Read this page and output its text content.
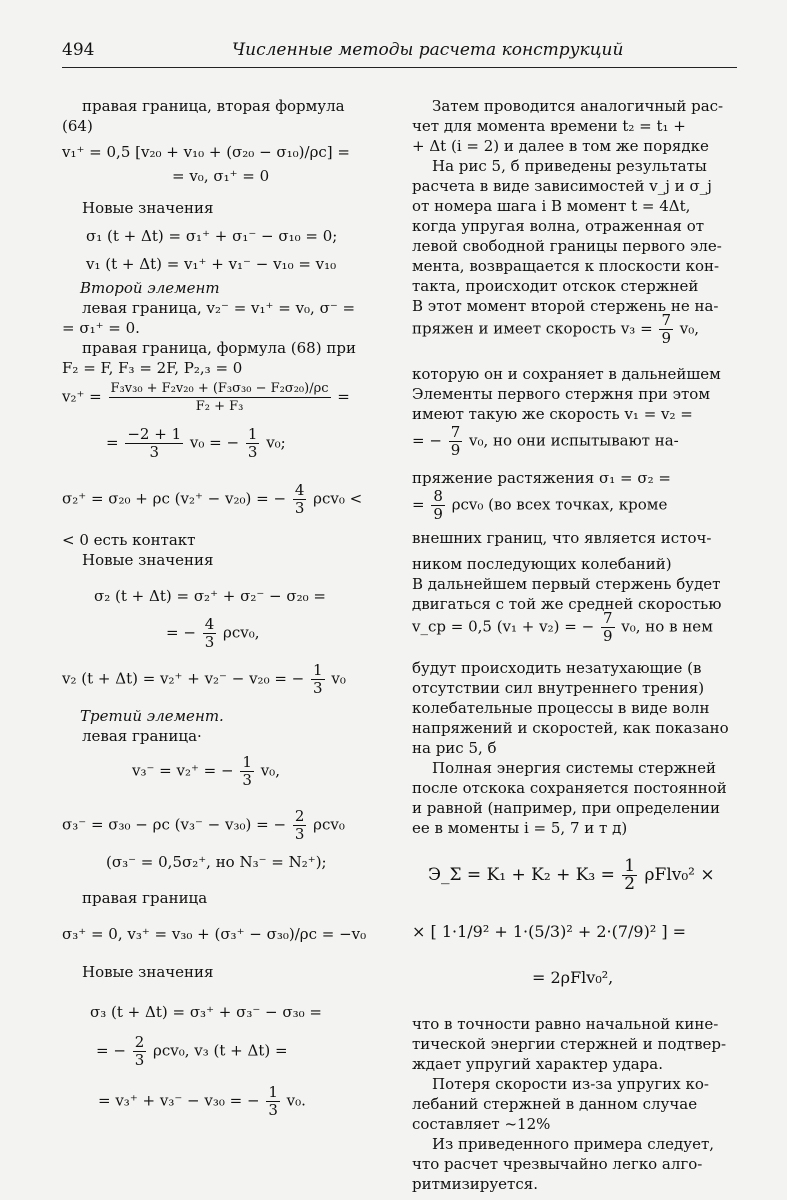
494	Численные методы расчета конструкций
правая граница, вторая формула
(64)
v₁⁺ = 0,5 [v₂₀ + v₁₀ + (σ₂₀ − σ₁₀)/ρc] =
= v₀, σ₁⁺ = 0
Новые значения
σ₁ (t + Δt) = σ₁⁺ + σ₁⁻ − σ₁₀ = 0;
v₁ (t + Δt) = v₁⁺ + v₁⁻ − v₁₀ = v₁₀
Второй элемент
левая граница, v₂⁻ = v₁⁺ = v₀, σ⁻ =
= σ₁⁺ = 0.
правая граница, формула (68) при
F₂ = F, F₃ = 2F, P₂,₃ = 0
$v_2^+ = \frac{\text{F₃v₃₀ + F₂v₂₀ + (F₃σ₃₀ − F₂σ₂₀)/ρc}}{\text{F₂ + F₃}}$ =
= $\frac{-2 + 1}{3} v_0$ = − $\frac{1}{3} v_0$;
σ₂⁺ = σ₂₀ + ρc (v₂⁺ − v₂₀) = − $\frac{4}{3} \rho cv_0$ <
< 0 есть контакт
Новые значения
σ₂ (t + Δt) = σ₂⁺ + σ₂⁻ − σ₂₀ =
= − $\frac{4}{3} \rho cv_0$,
v₂ (t + Δt) = v₂⁺ + v₂⁻ − v₂₀ = − $\frac{1}{3} v_0$
Третий элемент.
левая граница·
v₃⁻ = v₂⁺ = − $\frac{1}{3} v_0$,
σ₃⁻ = σ₃₀ − ρc (v₃⁻ − v₃₀) = − $\frac{2}{3} \rho cv_0$
(σ₃⁻ = 0,5σ₂⁺, но N₃⁻ = N₂⁺);
правая граница
σ₃⁺ = 0, v₃⁺ = v₃₀ + (σ₃⁺ − σ₃₀)/ρc = −v₀
Новые значения
σ₃ (t + Δt) = σ₃⁺ + σ₃⁻ − σ₃₀ =
= − $\frac{2}{3} \rho cv_0$, v₃ (t + Δt) =
= v₃⁺ + v₃⁻ − v₃₀ = − $\frac{1}{3} v_0$.
Затем проводится аналогичный рас-
чет для момента времени t₂ = t₁ +
+ Δt (i = 2) и далее в том же порядке
На рис 5, б приведены результаты
расчета в виде зависимостей v_j и σ_j
от номера шага i В момент t = 4Δt,
когда упругая волна, отраженная от
левой свободной границы первого эле-
мента, возвращается к плоскости кон-
такта, происходит отскок стержней
В этот момент второй стержень не на-
пряжен и имеет скорость $v_3 = \frac{7}{9} v_0$,
которую он и сохраняет в дальнейшем
Элементы первого стержня при этом
имеют такую же скорость v₁ = v₂ =
= − $\frac{7}{9} v_0$, но они испытывают на-
пряжение растяжения σ₁ = σ₂ =
= $\frac{8}{9} \rho cv_0$ (во всех точках, кроме
внешних границ, что является источ-
ником последующих колебаний)
В дальнейшем первый стержень будет
двигаться с той же средней скоростью
v_ср = 0,5 (v₁ + v₂) = − $\frac{7}{9} v_0$, но в нем
будут происходить незатухающие (в
отсутствии сил внутреннего трения)
колебательные процессы в виде волн
напряжений и скоростей, как показано
на рис 5, б
Полная энергия системы стержней
после отскока сохраняется постоянной
и равной (например, при определении
ее в моменты i = 5, 7 и т д)
Э_Σ = $K_1 + K_2 + K_3 = \frac{1}{2} \rho Flv_0^2$ ×
× [ 1·1/9² + 1·(5/3)² + 2·(7/9)² ] =
= 2ρFlv₀²,
что в точности равно начальной кине-
тической энергии стержней и подтвер-
ждает упругий характер удара.
Потеря скорости из-за упругих ко-
лебаний стержней в данном случае
составляет ~12%
Из приведенного примера следует,
что расчет чрезвычайно легко алго-
ритмизируется.
